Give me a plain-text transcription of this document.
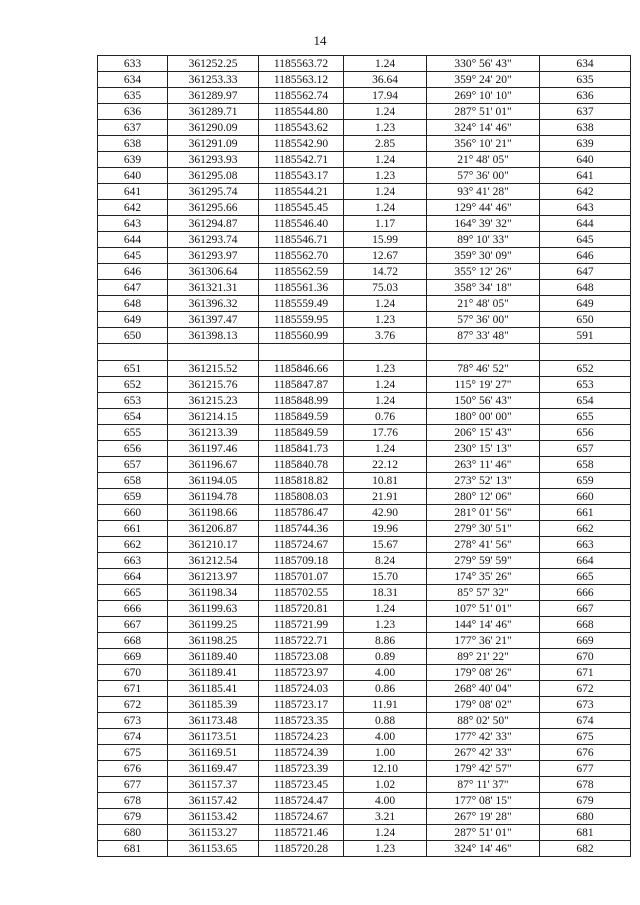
14
633	361252.25	1185563.72	1.24	330° 56' 43"	634
634	361253.33	1185563.12	36.64	359° 24' 20"	635
635	361289.97	1185562.74	17.94	269° 10' 10"	636
636	361289.71	1185544.80	1.24	287° 51' 01"	637
637	361290.09	1185543.62	1.23	324° 14' 46"	638
638	361291.09	1185542.90	2.85	356° 10' 21"	639
639	361293.93	1185542.71	1.24	21° 48' 05"	640
640	361295.08	1185543.17	1.23	57° 36' 00"	641
641	361295.74	1185544.21	1.24	93° 41' 28"	642
642	361295.66	1185545.45	1.24	129° 44' 46"	643
643	361294.87	1185546.40	1.17	164° 39' 32"	644
644	361293.74	1185546.71	15.99	89° 10' 33"	645
645	361293.97	1185562.70	12.67	359° 30' 09"	646
646	361306.64	1185562.59	14.72	355° 12' 26"	647
647	361321.31	1185561.36	75.03	358° 34' 18"	648
648	361396.32	1185559.49	1.24	21° 48' 05"	649
649	361397.47	1185559.95	1.23	57° 36' 00"	650
650	361398.13	1185560.99	3.76	87° 33' 48"	591

651	361215.52	1185846.66	1.23	78° 46' 52"	652
652	361215.76	1185847.87	1.24	115° 19' 27"	653
653	361215.23	1185848.99	1.24	150° 56' 43"	654
654	361214.15	1185849.59	0.76	180° 00' 00"	655
655	361213.39	1185849.59	17.76	206° 15' 43"	656
656	361197.46	1185841.73	1.24	230° 15' 13"	657
657	361196.67	1185840.78	22.12	263° 11' 46"	658
658	361194.05	1185818.82	10.81	273° 52' 13"	659
659	361194.78	1185808.03	21.91	280° 12' 06"	660
660	361198.66	1185786.47	42.90	281° 01' 56"	661
661	361206.87	1185744.36	19.96	279° 30' 51"	662
662	361210.17	1185724.67	15.67	278° 41' 56"	663
663	361212.54	1185709.18	8.24	279° 59' 59"	664
664	361213.97	1185701.07	15.70	174° 35' 26"	665
665	361198.34	1185702.55	18.31	85° 57' 32"	666
666	361199.63	1185720.81	1.24	107° 51' 01"	667
667	361199.25	1185721.99	1.23	144° 14' 46"	668
668	361198.25	1185722.71	8.86	177° 36' 21"	669
669	361189.40	1185723.08	0.89	89° 21' 22"	670
670	361189.41	1185723.97	4.00	179° 08' 26"	671
671	361185.41	1185724.03	0.86	268° 40' 04"	672
672	361185.39	1185723.17	11.91	179° 08' 02"	673
673	361173.48	1185723.35	0.88	88° 02' 50"	674
674	361173.51	1185724.23	4.00	177° 42' 33"	675
675	361169.51	1185724.39	1.00	267° 42' 33"	676
676	361169.47	1185723.39	12.10	179° 42' 57"	677
677	361157.37	1185723.45	1.02	87° 11' 37"	678
678	361157.42	1185724.47	4.00	177° 08' 15"	679
679	361153.42	1185724.67	3.21	267° 19' 28"	680
680	361153.27	1185721.46	1.24	287° 51' 01"	681
681	361153.65	1185720.28	1.23	324° 14' 46"	682
